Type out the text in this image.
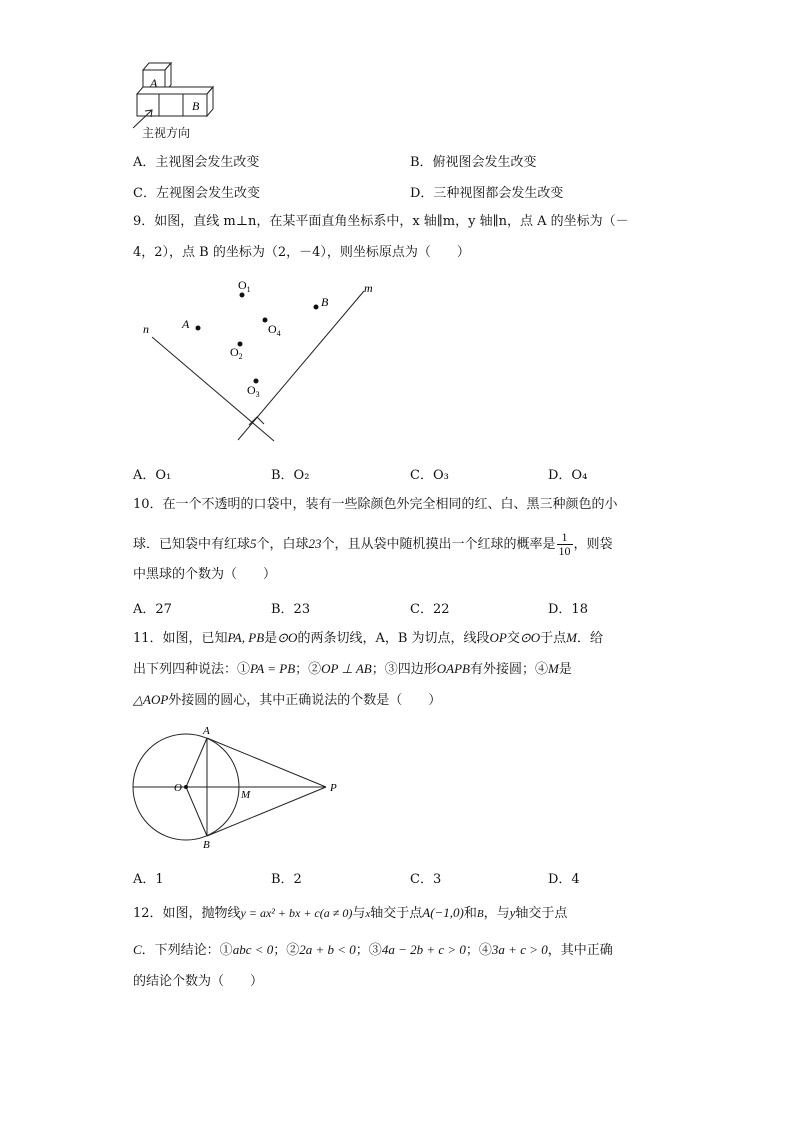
A
B
主视方向
A．主视图会发生改变	B．俯视图会发生改变
C．左视图会发生改变	D．三种视图都会发生改变
9．如图，直线 m⊥n，在某平面直角坐标系中，x 轴∥m，y 轴∥n，点 A 的坐标为（－
4，2），点 B 的坐标为（2，－4），则坐标原点为（　　）
m
n	A
B
$O_1$
$O_4$
$O_2$
$O_3$
A．O₁	B．O₂	C．O₃	D．O₄
10．在一个不透明的口袋中，装有一些除颜色外完全相同的红、白、黑三种颜色的小
球．已知袋中有红球5个，白球23个，且从袋中随机摸出一个红球的概率是 $\frac{1}{10}$ ，则袋
中黑球的个数为（　　）
A．27	B．23	C．22	D．18
11．如图，已知PA, PB是⊙O的两条切线，A，B 为切点，线段OP交⊙O于点M．给
出下列四种说法：①PA = PB；②OP ⊥ AB；③四边形OAPB有外接圆；④M是
△AOP外接圆的圆心，其中正确说法的个数是（　　）
A
B
O
M
P
A．1	B．2	C．3	D．4
12．如图，抛物线y = ax² + bx + c(a ≠ 0)与x轴交于点A(−1,0)和B，与y轴交于点
C．下列结论：①abc < 0；②2a + b < 0；③4a − 2b + c > 0；④3a + c > 0，其中正确
的结论个数为（　　）
